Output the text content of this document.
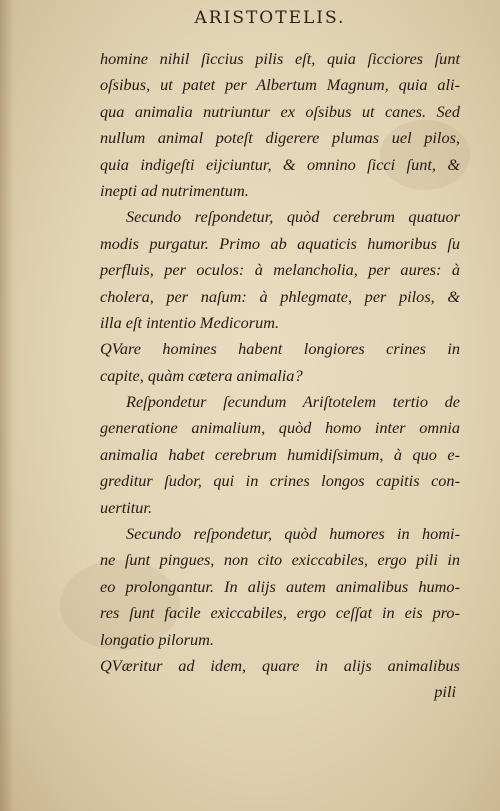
ARISTOTELIS.
homine nihil ſiccius pilis eſt, quia ſicciores ſunt
oſsibus, ut patet per Albertum Magnum, quia ali-
qua animalia nutriuntur ex oſsibus ut canes. Sed
nullum animal poteſt digerere plumas uel pilos,
quia indigeſti eijciuntur, & omnino ſicci ſunt, &
inepti ad nutrimentum.
Secundo reſpondetur, quòd cerebrum quatuor
modis purgatur. Primo ab aquaticis humoribus ſu
perfluis, per oculos: à melancholia, per aures: à
cholera, per naſum: à phlegmate, per pilos, &
illa eſt intentio Medicorum.
QVare homines habent longiores crines in
capite, quàm cætera animalia?
Reſpondetur ſecundum Ariſtotelem tertio de
generatione animalium, quòd homo inter omnia
animalia habet cerebrum humidiſsimum, à quo e-
greditur ſudor, qui in crines longos capitis con-
uertitur.
Secundo reſpondetur, quòd humores in homi-
ne ſunt pingues, non cito exiccabiles, ergo pili in
eo prolongantur. In alijs autem animalibus humo-
res ſunt facile exiccabiles, ergo ceſſat in eis pro-
longatio pilorum.
QVæritur ad idem, quare in alijs animalibus
pili
